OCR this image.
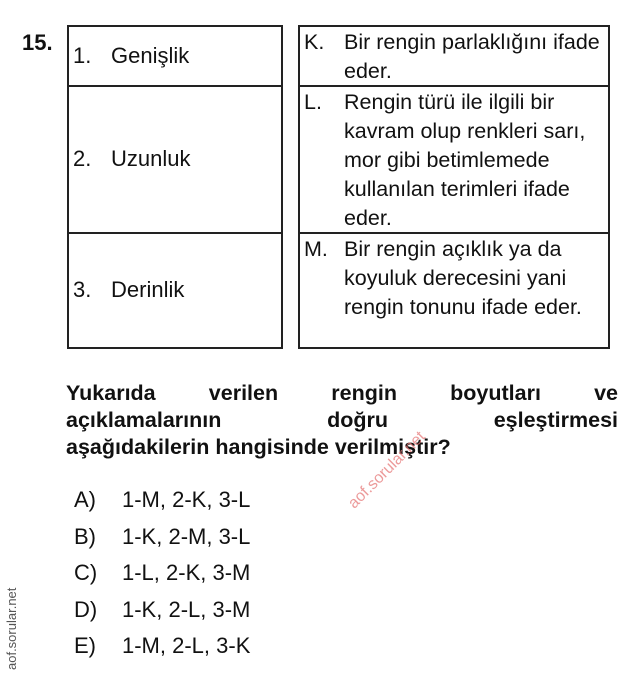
15.
1. Genişlik
2. Uzunluk
3. Derinlik
K. Bir rengin parlaklığını ifade eder.
L.	Rengin türü ile ilgili bir kavram olup renkleri sarı, mor gibi betimlemede kullanılan terimleri ifade eder.
M. Bir rengin açıklık ya da koyuluk derecesini yani rengin tonunu ifade eder.
Yukarıda verilen rengin boyutları ve
açıklamalarının doğru eşleştirmesi
aşağıdakilerin hangisinde verilmiştir?
A)	1-M, 2-K, 3-L
B)	1-K, 2-M, 3-L
C)	1-L, 2-K, 3-M
D)	1-K, 2-L, 3-M
E)	1-M, 2-L, 3-K
aof.sorular.net
aof.sorular.net
